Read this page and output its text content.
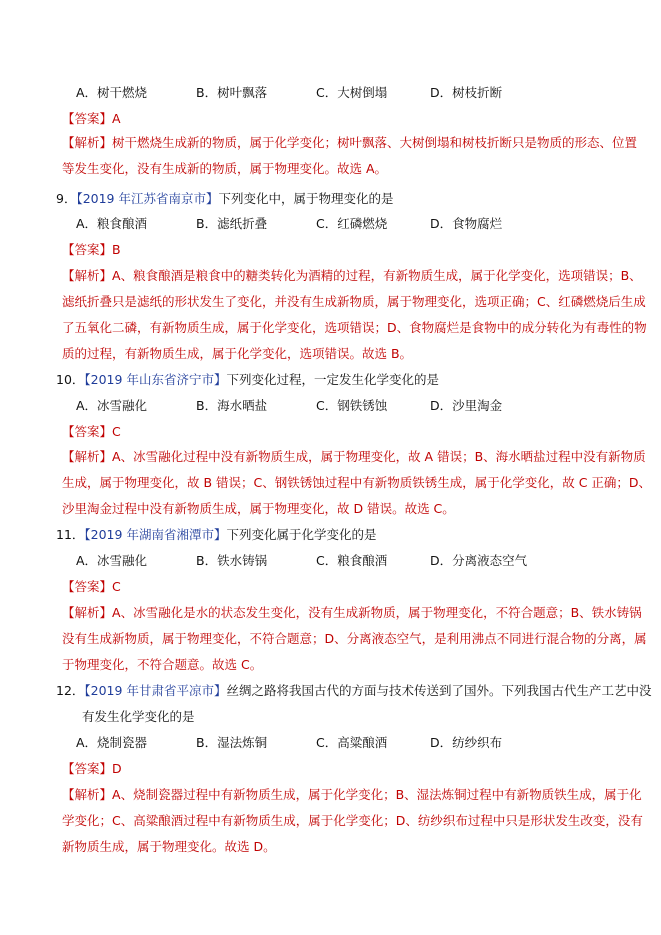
A．树干燃烧	B．树叶飘落	C．大树倒塌	D．树枝折断
【答案】A
【解析】树干燃烧生成新的物质，属于化学变化；树叶飘落、大树倒塌和树枝折断只是物质的形态、位置
等发生变化，没有生成新的物质，属于物理变化。故选 A。
9．【2019 年江苏省南京市】下列变化中，属于物理变化的是
A．粮食酿酒	B．滤纸折叠	C．红磷燃烧	D．食物腐烂
【答案】B
【解析】A、粮食酿酒是粮食中的糖类转化为酒精的过程，有新物质生成，属于化学变化，选项错误；B、
滤纸折叠只是滤纸的形状发生了变化，并没有生成新物质，属于物理变化，选项正确；C、红磷燃烧后生成
了五氧化二磷，有新物质生成，属于化学变化，选项错误；D、食物腐烂是食物中的成分转化为有毒性的物
质的过程，有新物质生成，属于化学变化，选项错误。故选 B。
10．【2019 年山东省济宁市】下列变化过程，一定发生化学变化的是
A．冰雪融化	B．海水晒盐	C．钢铁锈蚀	D．沙里淘金
【答案】C
【解析】A、冰雪融化过程中没有新物质生成，属于物理变化，故 A 错误；B、海水晒盐过程中没有新物质
生成，属于物理变化，故 B 错误；C、钢铁锈蚀过程中有新物质铁锈生成，属于化学变化，故 C 正确；D、
沙里淘金过程中没有新物质生成，属于物理变化，故 D 错误。故选 C。
11．【2019 年湖南省湘潭市】下列变化属于化学变化的是
A．冰雪融化	B．铁水铸锅	C．粮食酿酒	D．分离液态空气
【答案】C
【解析】A、冰雪融化是水的状态发生变化，没有生成新物质，属于物理变化，不符合题意；B、铁水铸锅
没有生成新物质，属于物理变化，不符合题意；D、分离液态空气，是利用沸点不同进行混合物的分离，属
于物理变化，不符合题意。故选 C。
12．【2019 年甘肃省平凉市】丝绸之路将我国古代的方面与技术传送到了国外。下列我国古代生产工艺中没
有发生化学变化的是
A．烧制瓷器	B．湿法炼铜	C．高粱酿酒	D．纺纱织布
【答案】D
【解析】A、烧制瓷器过程中有新物质生成，属于化学变化；B、湿法炼铜过程中有新物质铁生成，属于化
学变化；C、高粱酿酒过程中有新物质生成，属于化学变化；D、纺纱织布过程中只是形状发生改变，没有
新物质生成，属于物理变化。故选 D。
